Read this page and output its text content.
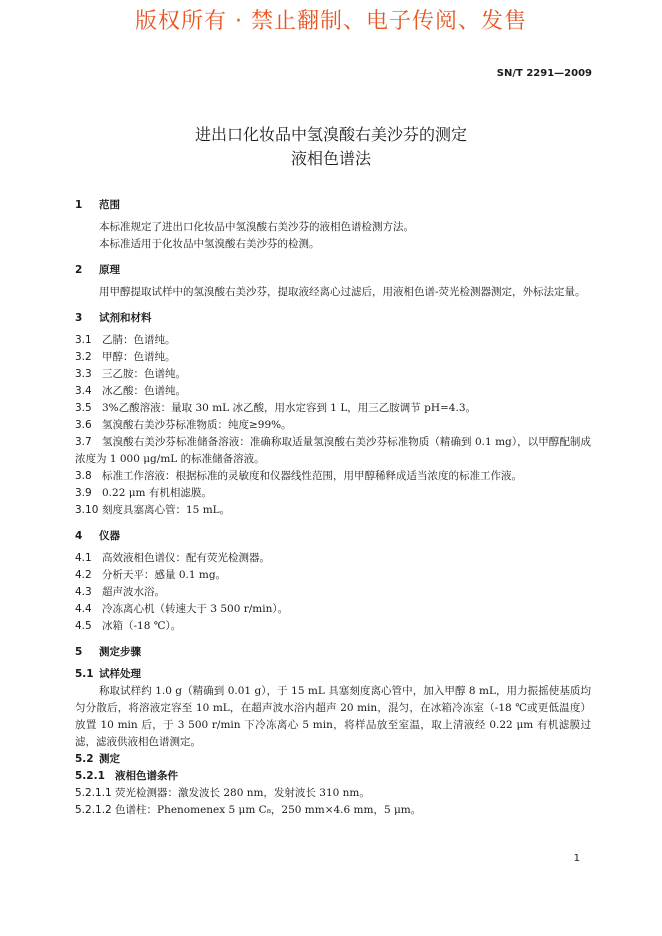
版权所有 · 禁止翻制、电子传阅、发售
SN/T 2291—2009
进出口化妆品中氢溴酸右美沙芬的测定
液相色谱法
1 范围
本标准规定了进出口化妆品中氢溴酸右美沙芬的液相色谱检测方法。
本标准适用于化妆品中氢溴酸右美沙芬的检测。
2 原理
用甲醇提取试样中的氢溴酸右美沙芬，提取液经离心过滤后，用液相色谱-荧光检测器测定，外标法定量。
3 试剂和材料
3.1 乙腈：色谱纯。
3.2 甲醇：色谱纯。
3.3 三乙胺：色谱纯。
3.4 冰乙酸：色谱纯。
3.5 3%乙酸溶液：量取 30 mL 冰乙酸，用水定容到 1 L，用三乙胺调节 pH=4.3。
3.6 氢溴酸右美沙芬标准物质：纯度≥99%。
3.7 氢溴酸右美沙芬标准储备溶液：准确称取适量氢溴酸右美沙芬标准物质（精确到 0.1 mg），以甲醇配制成浓度为 1 000 μg/mL 的标准储备溶液。
3.8 标准工作溶液：根据标准的灵敏度和仪器线性范围，用甲醇稀释成适当浓度的标准工作液。
3.9 0.22 μm 有机相滤膜。
3.10 刻度具塞离心管：15 mL。
4 仪器
4.1 高效液相色谱仪：配有荧光检测器。
4.2 分析天平：感量 0.1 mg。
4.3 超声波水浴。
4.4 冷冻离心机（转速大于 3 500 r/min）。
4.5 冰箱（-18 ℃）。
5 测定步骤
5.1 试样处理
称取试样约 1.0 g（精确到 0.01 g），于 15 mL 具塞刻度离心管中，加入甲醇 8 mL，用力振摇使基质均匀分散后，将溶液定容至 10 mL，在超声波水浴内超声 20 min，混匀，在冰箱冷冻室（-18 ℃或更低温度）放置 10 min 后，于 3 500 r/min 下冷冻离心 5 min，将样品放至室温，取上清液经 0.22 μm 有机滤膜过滤，滤液供液相色谱测定。
5.2 测定
5.2.1 液相色谱条件
5.2.1.1 荧光检测器：激发波长 280 nm，发射波长 310 nm。
5.2.1.2 色谱柱：Phenomenex 5 μm C₈，250 mm×4.6 mm，5 μm。
1
